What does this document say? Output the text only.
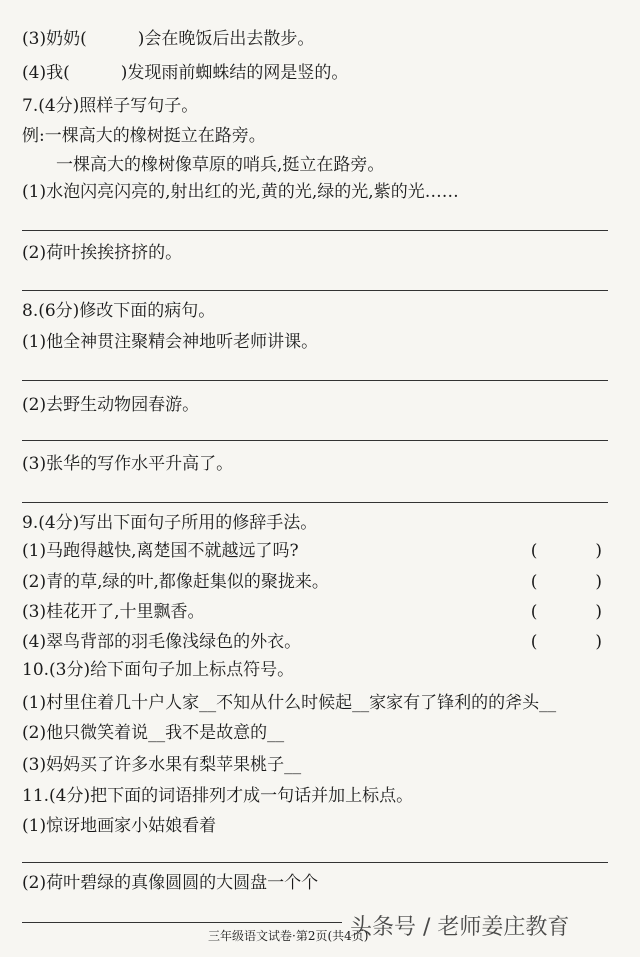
(3)奶奶(　　　)会在晚饭后出去散步。
(4)我(　　　)发现雨前蜘蛛结的网是竖的。
7.(4分)照样子写句子。
例:一棵高大的橡树挺立在路旁。
一棵高大的橡树像草原的哨兵,挺立在路旁。
(1)水泡闪亮闪亮的,射出红的光,黄的光,绿的光,紫的光……
(2)荷叶挨挨挤挤的。
8.(6分)修改下面的病句。
(1)他全神贯注聚精会神地听老师讲课。
(2)去野生动物园春游。
(3)张华的写作水平升高了。
9.(4分)写出下面句子所用的修辞手法。
(1)马跑得越快,离楚国不就越远了吗?	(	)
(2)青的草,绿的叶,都像赶集似的聚拢来。	(	)
(3)桂花开了,十里飘香。	(	)
(4)翠鸟背部的羽毛像浅绿色的外衣。	(	)
10.(3分)给下面句子加上标点符号。
(1)村里住着几十户人家__不知从什么时候起__家家有了锋利的的斧头__
(2)他只微笑着说__我不是故意的__
(3)妈妈买了许多水果有梨苹果桃子__
11.(4分)把下面的词语排列才成一句话并加上标点。
(1)惊讶地画家小姑娘看着
(2)荷叶碧绿的真像圆圆的大圆盘一个个
三年级语文试卷·第2页(共4页)
头条号 / 老师姜庄教育
